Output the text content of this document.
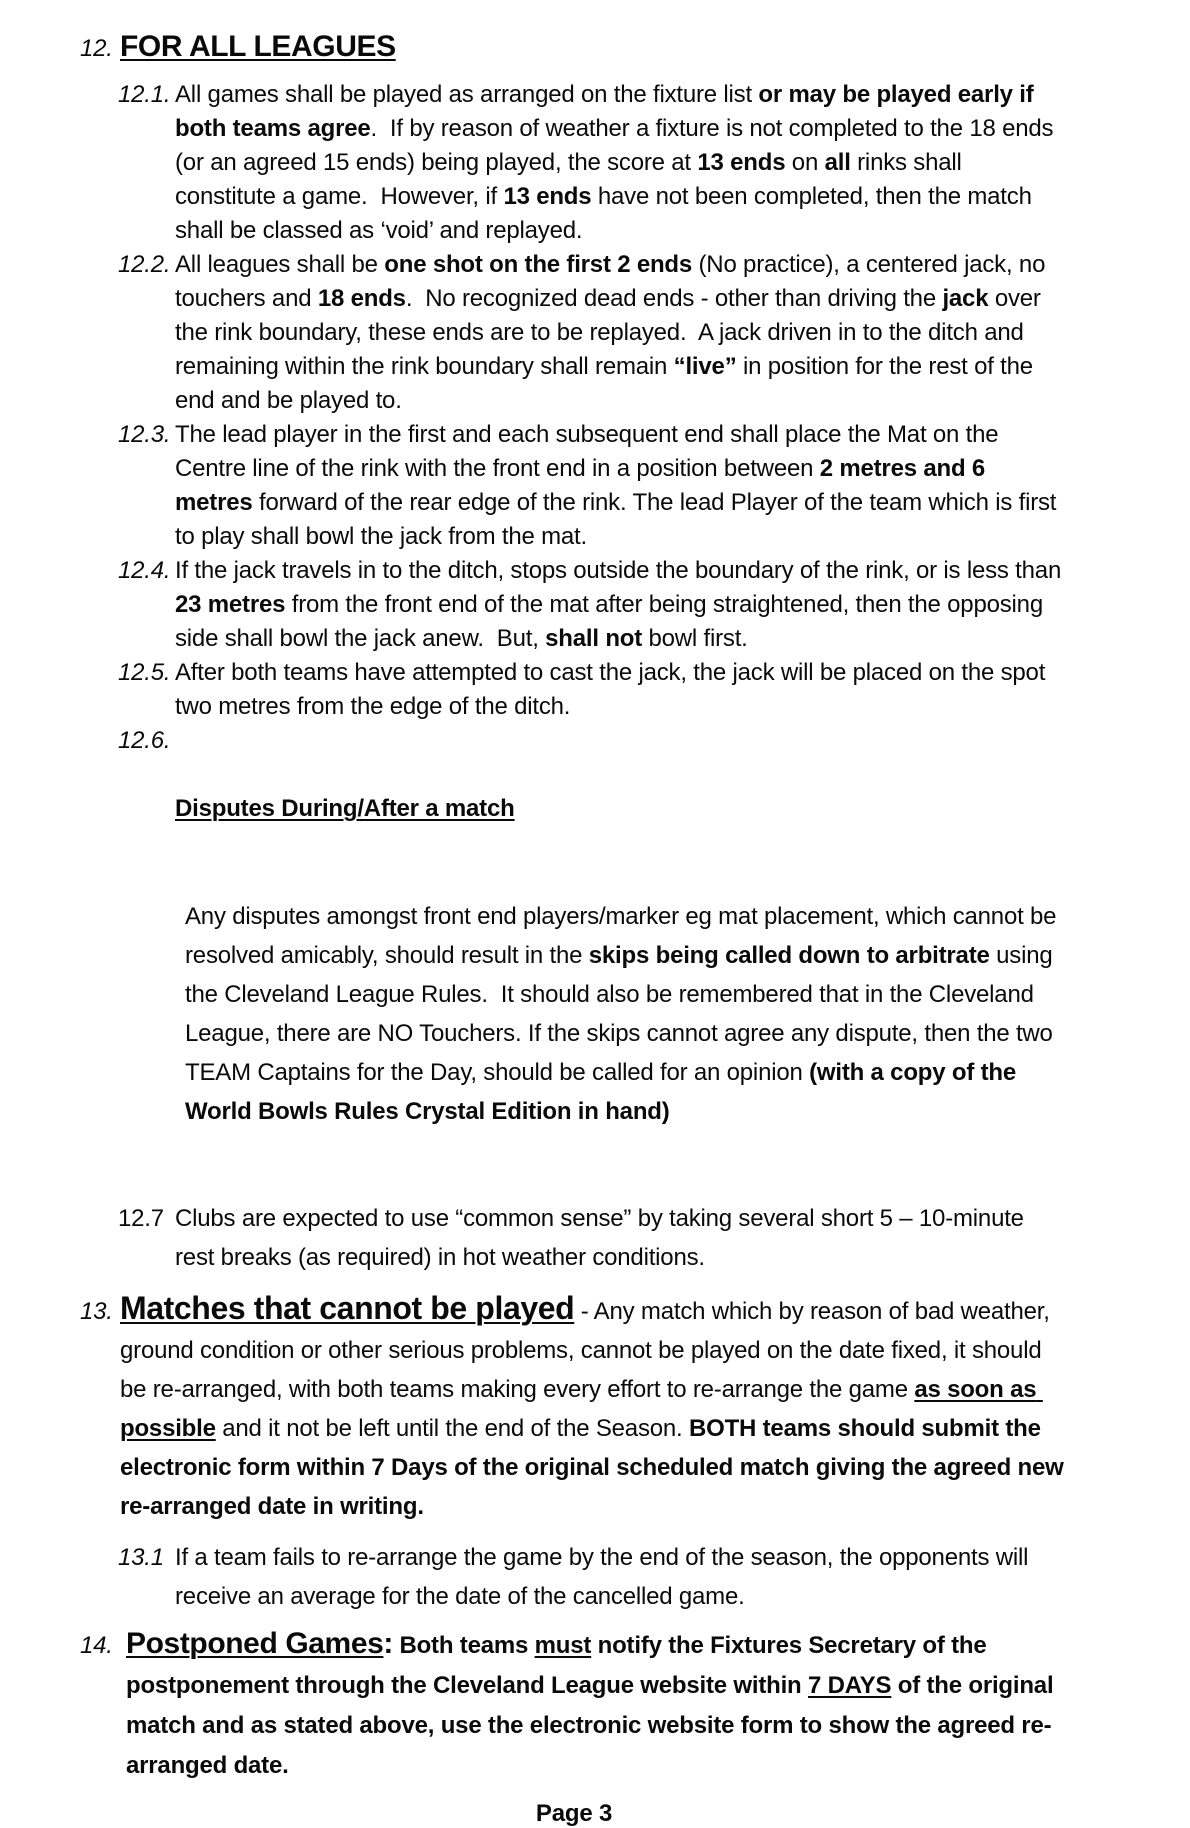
12. FOR ALL LEAGUES
12.1. All games shall be played as arranged on the fixture list or may be played early if both teams agree.  If by reason of weather a fixture is not completed to the 18 ends (or an agreed 15 ends) being played, the score at 13 ends on all rinks shall constitute a game.  However, if 13 ends have not been completed, then the match shall be classed as ‘void’ and replayed.
12.2. All leagues shall be one shot on the first 2 ends (No practice), a centered jack, no touchers and 18 ends.  No recognized dead ends - other than driving the jack over the rink boundary, these ends are to be replayed.  A jack driven in to the ditch and remaining within the rink boundary shall remain “live” in position for the rest of the end and be played to.
12.3. The lead player in the first and each subsequent end shall place the Mat on the Centre line of the rink with the front end in a position between 2 metres and 6 metres forward of the rear edge of the rink. The lead Player of the team which is first to play shall bowl the jack from the mat.
12.4. If the jack travels in to the ditch, stops outside the boundary of the rink, or is less than 23 metres from the front end of the mat after being straightened, then the opposing side shall bowl the jack anew.  But, shall not bowl first.
12.5. After both teams have attempted to cast the jack, the jack will be placed on the spot two metres from the edge of the ditch.
12.6.

Disputes During/After a match

Any disputes amongst front end players/marker eg mat placement, which cannot be resolved amicably, should result in the skips being called down to arbitrate using the Cleveland League Rules.  It should also be remembered that in the Cleveland League, there are NO Touchers. If the skips cannot agree any dispute, then the two TEAM Captains for the Day, should be called for an opinion (with a copy of the World Bowls Rules Crystal Edition in hand)

12.7 Clubs are expected to use “common sense” by taking several short 5 – 10-minute rest breaks (as required) in hot weather conditions.
13. Matches that cannot be played - Any match which by reason of bad weather, ground condition or other serious problems, cannot be played on the date fixed, it should be re-arranged, with both teams making every effort to re-arrange the game as soon as possible and it not be left until the end of the Season. BOTH teams should submit the electronic form within 7 Days of the original scheduled match giving the agreed new re-arranged date in writing.
13.1 If a team fails to re-arrange the game by the end of the season, the opponents will receive an average for the date of the cancelled game.
14. Postponed Games: Both teams must notify the Fixtures Secretary of the postponement through the Cleveland League website within 7 DAYS of the original match and as stated above, use the electronic website form to show the agreed re-arranged date.
Page 3
